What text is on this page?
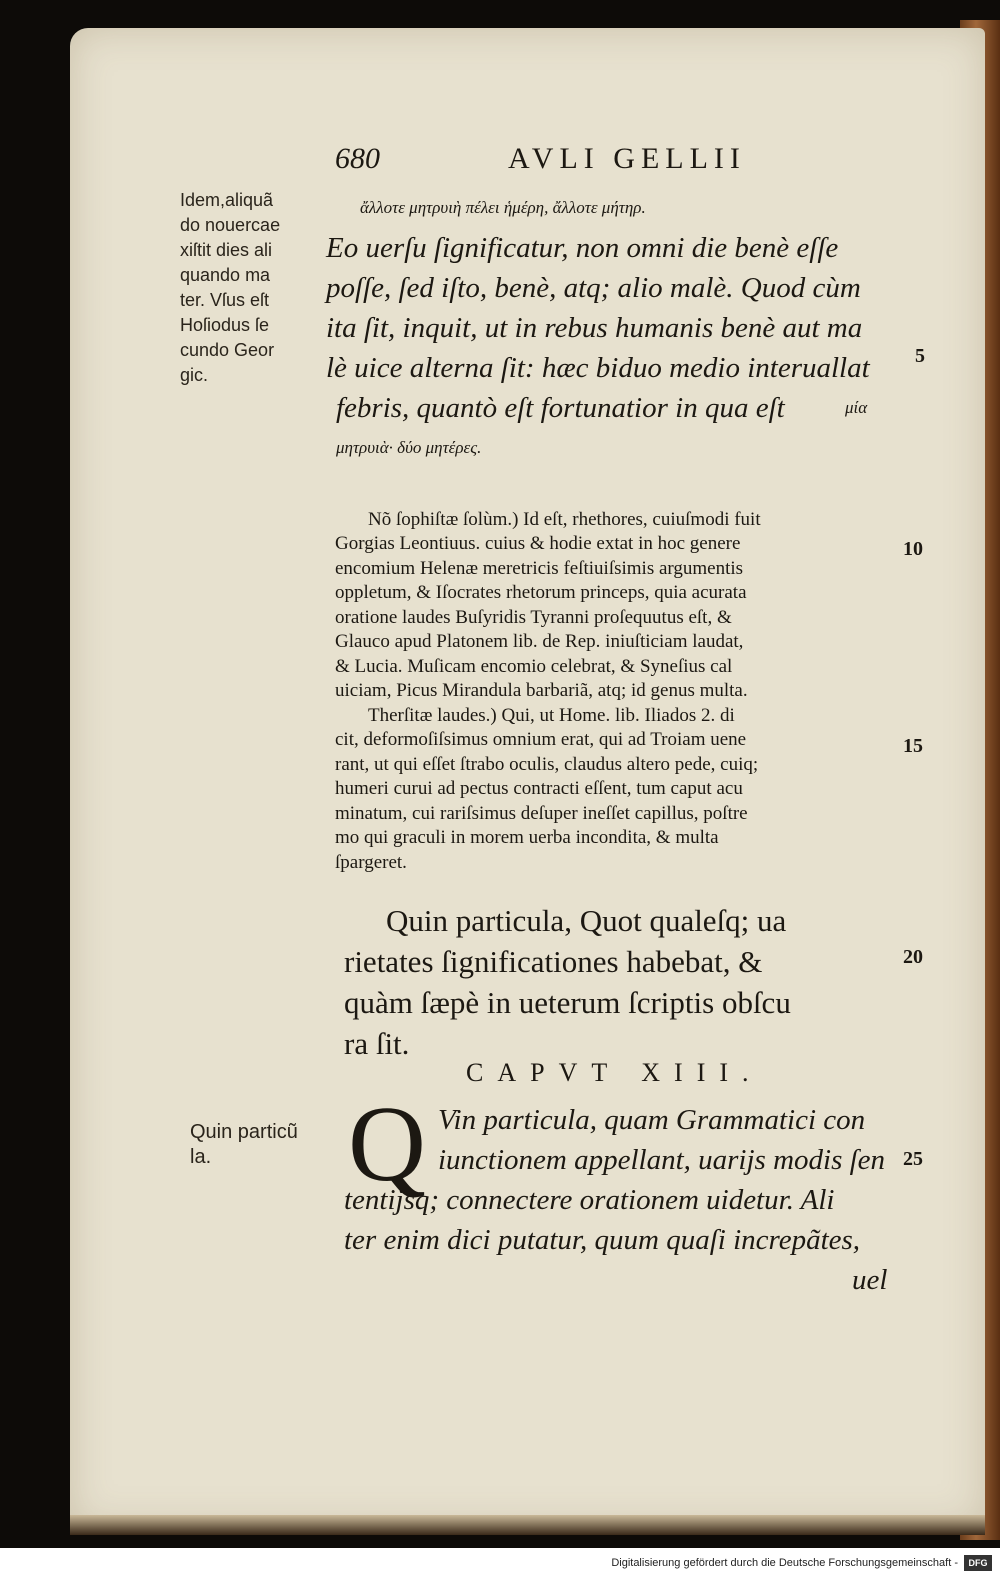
680	AVLI GELLII
Idem,aliquã
do nouercae
xiſtit dies ali
quando ma
ter. Vſus eſt
Hoſiodus ſe
cundo Geor
gic.
ἄλλοτε μητρυιὴ πέλει ἡμέρη, ἄλλοτε μήτηρ.
Eo uerſu ſignificatur, non omni die benè eſſe
poſſe, ſed iſto, benè, atq; alio malè. Quod cùm
ita ſit, inquit, ut in rebus humanis benè aut ma
lè uice alterna ſit: hæc biduo medio interuallat
febris, quantò eſt fortunatior in qua eſt	μία
μητρυιὰ· δύο μητέρες.
Nõ ſophiſtæ ſolùm.) Id eſt, rhethores, cuiuſmodi fuit
Gorgias Leontiuus. cuius & hodie extat in hoc genere
encomium Helenæ meretricis feſtiuiſsimis argumentis
oppletum, & Iſocrates rhetorum princeps, quia acurata
oratione laudes Buſyridis Tyranni proſequutus eſt, &
Glauco apud Platonem lib. de Rep. iniuſticiam laudat,
& Lucia. Muſicam encomio celebrat, & Syneſius cal
uiciam, Picus Mirandula barbariã, atq; id genus multa.
Therſitæ laudes.) Qui, ut Home. lib. Iliados 2. di
cit, deformoſiſsimus omnium erat, qui ad Troiam uene
rant, ut qui eſſet ſtrabo oculis, claudus altero pede, cuiq;
humeri curui ad pectus contracti eſſent, tum caput acu
minatum, cui rariſsimus deſuper ineſſet capillus, poſtre
mo qui graculi in morem uerba incondita, & multa
ſpargeret.
Quin particula, Quot qualeſq; ua
rietates ſignificationes habebat, &
quàm ſæpè in ueterum ſcriptis obſcu
ra ſit.
CAPVT XIII.
Quin particũ
la.	Q Vin particula, quam Grammatici con
iunctionem appellant, uarijs modis ſen
tentijsq; connectere orationem uidetur. Ali
ter enim dici putatur, quum quaſi increpãtes,
uel
5
10
15
20
25
Digitalisierung gefördert durch die Deutsche Forschungsgemeinschaft -	DFG
